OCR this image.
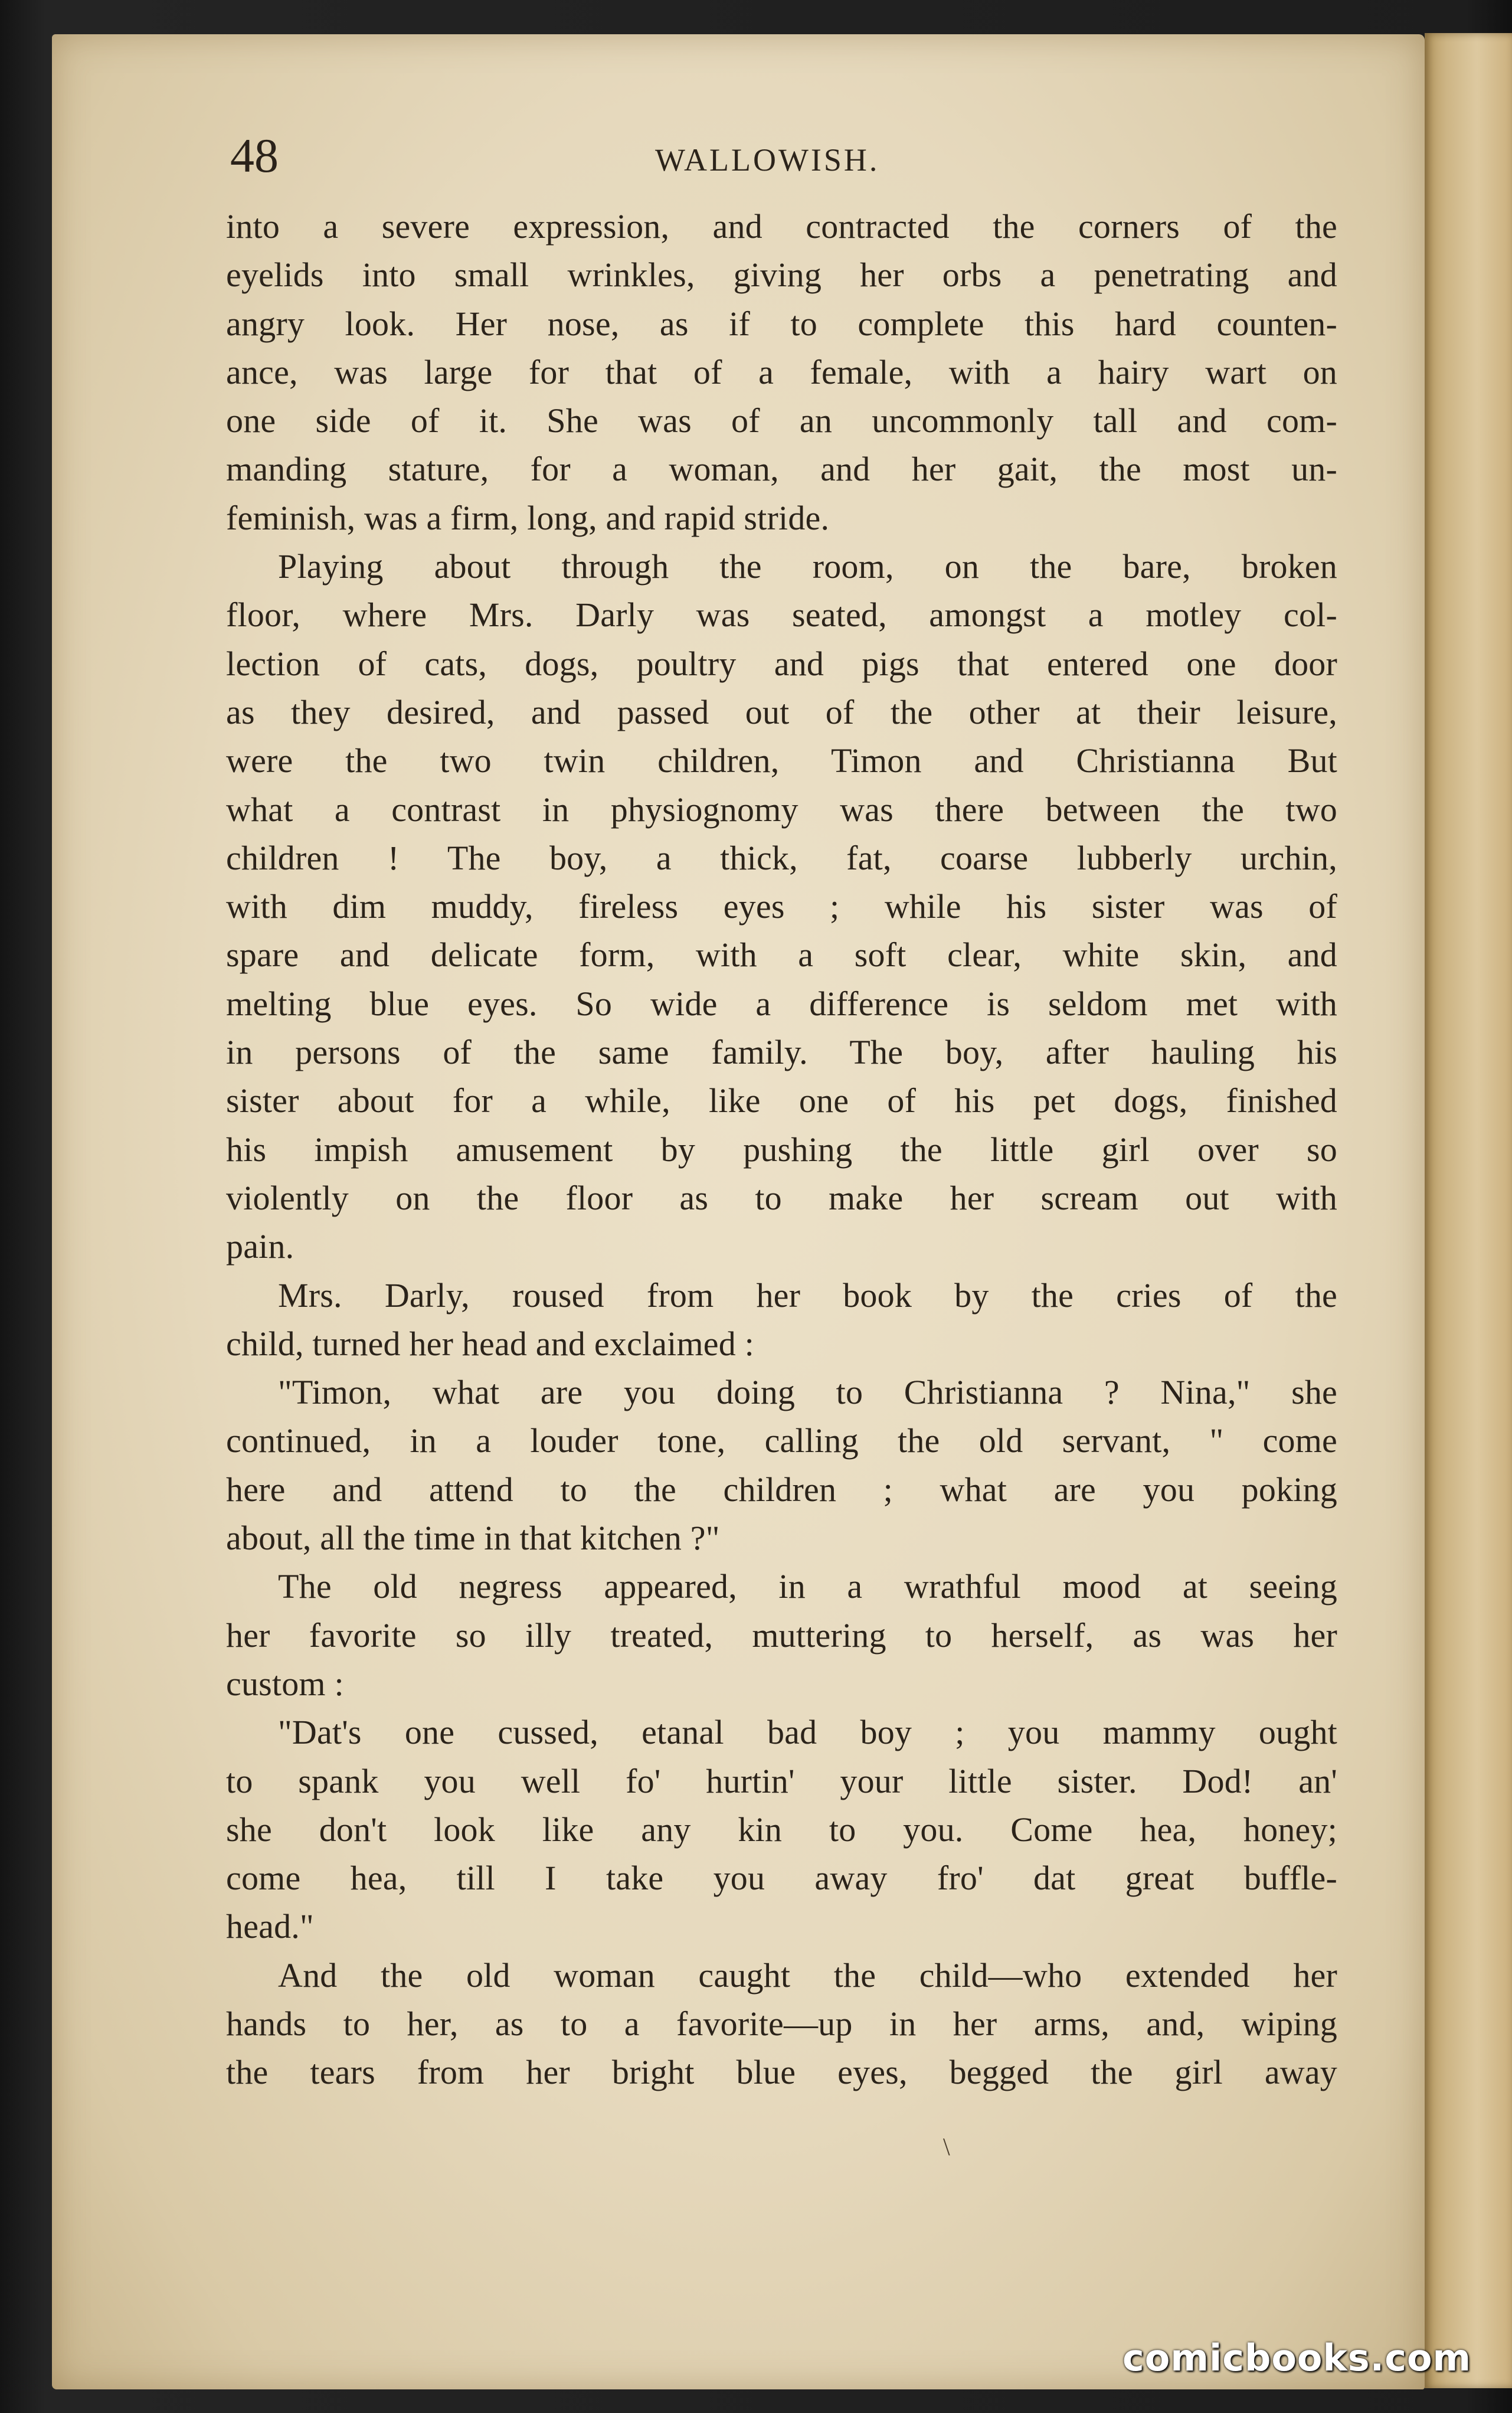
48	WALLOWISH.
into a severe expression, and contracted the corners of the
eyelids into small wrinkles, giving her orbs a penetrating and
angry look. Her nose, as if to complete this hard counten-
ance, was large for that of a female, with a hairy wart on
one side of it. She was of an uncommonly tall and com-
manding stature, for a woman, and her gait, the most un-
feminish, was a firm, long, and rapid stride.
Playing about through the room, on the bare, broken
floor, where Mrs. Darly was seated, amongst a motley col-
lection of cats, dogs, poultry and pigs that entered one door
as they desired, and passed out of the other at their leisure,
were the two twin children, Timon and Christianna But
what a contrast in physiognomy was there between the two
children ! The boy, a thick, fat, coarse lubberly urchin,
with dim muddy, fireless eyes ; while his sister was of
spare and delicate form, with a soft clear, white skin, and
melting blue eyes. So wide a difference is seldom met with
in persons of the same family. The boy, after hauling his
sister about for a while, like one of his pet dogs, finished
his impish amusement by pushing the little girl over so
violently on the floor as to make her scream out with
pain.
Mrs. Darly, roused from her book by the cries of the
child, turned her head and exclaimed :
"Timon, what are you doing to Christianna ? Nina," she
continued, in a louder tone, calling the old servant, " come
here and attend to the children ; what are you poking
about, all the time in that kitchen ?"
The old negress appeared, in a wrathful mood at seeing
her favorite so illy treated, muttering to herself, as was her
custom :
"Dat's one cussed, etanal bad boy ; you mammy ought
to spank you well fo' hurtin' your little sister. Dod! an'
she don't look like any kin to you. Come hea, honey;
come hea, till I take you away fro' dat great buffle-
head."
And the old woman caught the child—who extended her
hands to her, as to a favorite—up in her arms, and, wiping
the tears from her bright blue eyes, begged the girl away
\
comicbooks.com
